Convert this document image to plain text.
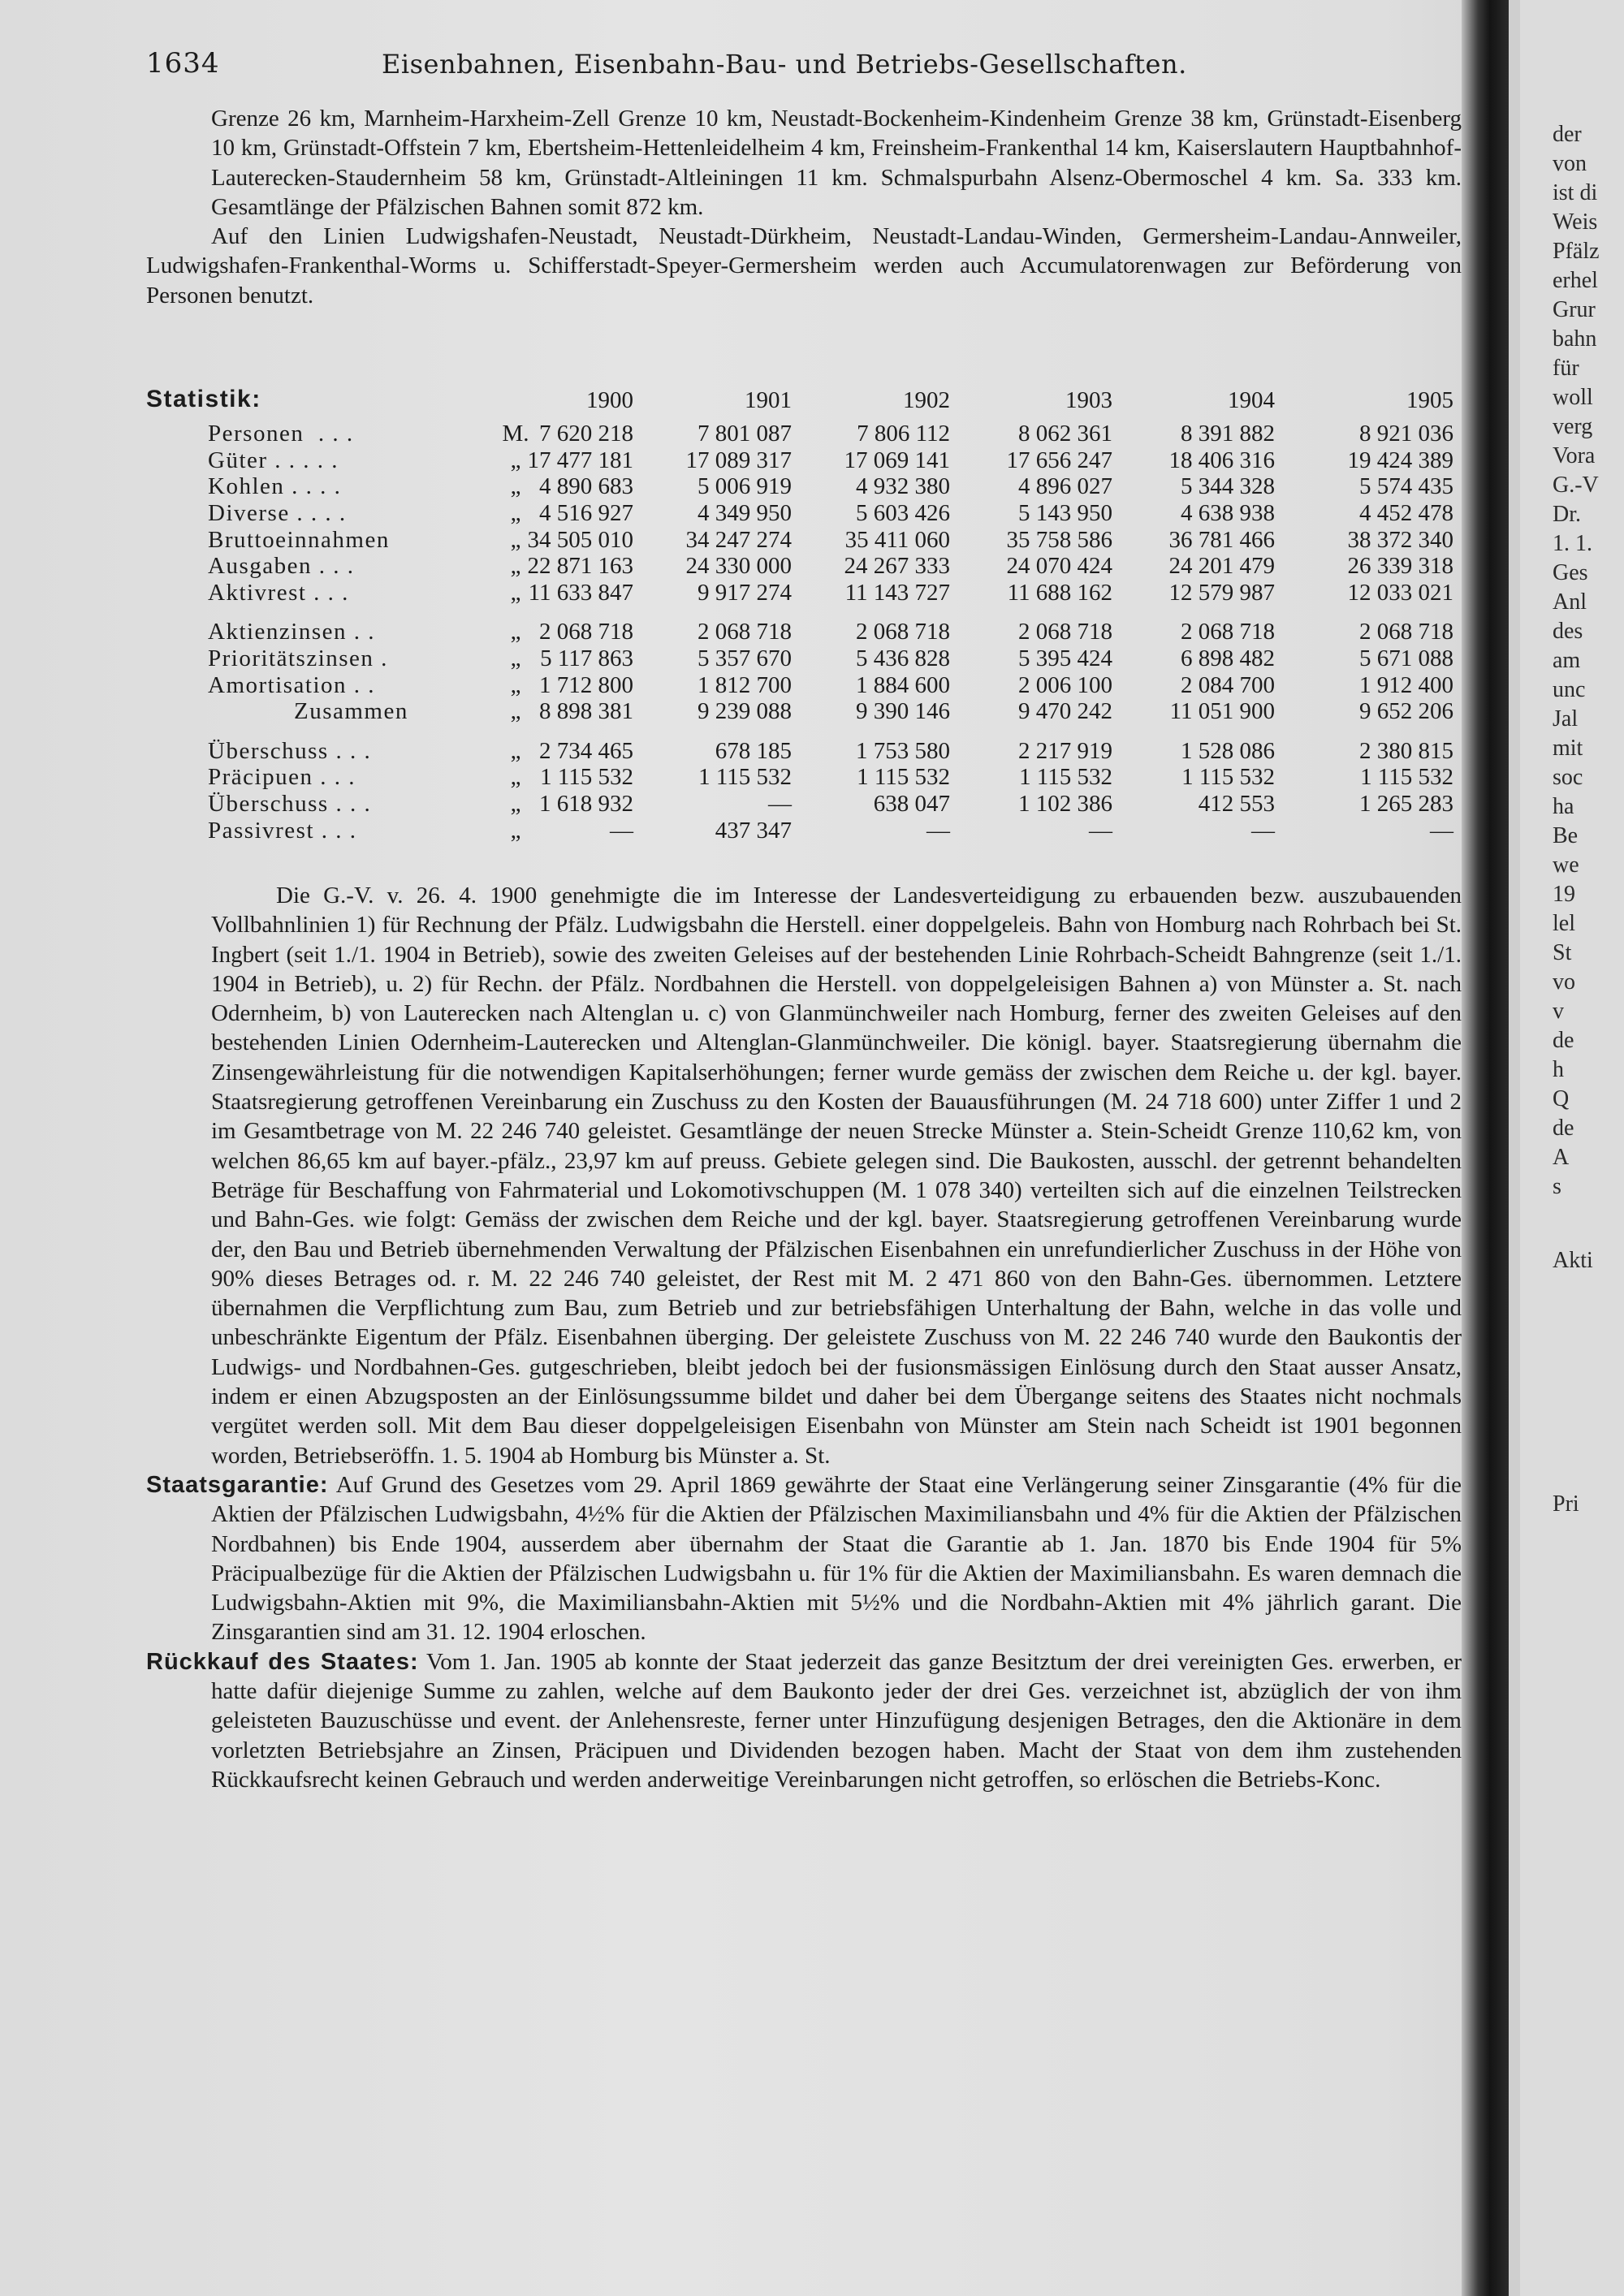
1634	Eisenbahnen, Eisenbahn-Bau- und Betriebs-Gesellschaften.

Grenze 26 km, Marnheim-Harxheim-Zell Grenze 10 km, Neustadt-Bockenheim-Kindenheim Grenze 38 km, Grünstadt-Eisenberg 10 km, Grünstadt-Offstein 7 km, Ebertsheim-Hettenleidelheim 4 km, Freinsheim-Frankenthal 14 km, Kaiserslautern Hauptbahnhof-Lauterecken-Staudernheim 58 km, Grünstadt-Altleiningen 11 km. Schmalspurbahn Alsenz-Obermoschel 4 km. Sa. 333 km. Gesamtlänge der Pfälzischen Bahnen somit 872 km.

Auf den Linien Ludwigshafen-Neustadt, Neustadt-Dürkheim, Neustadt-Landau-Winden, Germersheim-Landau-Annweiler, Ludwigshafen-Frankenthal-Worms u. Schifferstadt-Speyer-Germersheim werden auch Accumulatorenwagen zur Beförderung von Personen benutzt.

Statistik:	1900	1901	1902	1903	1904	1905
Personen  . . .	M. 7 620 218	7 801 087	7 806 112	8 062 361	8 391 882	8 921 036
Güter . . . . .	„ 17 477 181	17 089 317	17 069 141	17 656 247	18 406 316	19 424 389
Kohlen . . . .	„ 4 890 683	5 006 919	4 932 380	4 896 027	5 344 328	5 574 435
Diverse . . . .	„ 4 516 927	4 349 950	5 603 426	5 143 950	4 638 938	4 452 478
Bruttoeinnahmen	„ 34 505 010	34 247 274	35 411 060	35 758 586	36 781 466	38 372 340
Ausgaben . . .	„ 22 871 163	24 330 000	24 267 333	24 070 424	24 201 479	26 339 318
Aktivrest . . .	„ 11 633 847	9 917 274	11 143 727	11 688 162	12 579 987	12 033 021
Aktienzinsen . .	„ 2 068 718	2 068 718	2 068 718	2 068 718	2 068 718	2 068 718
Prioritätszinsen .	„ 5 117 863	5 357 670	5 436 828	5 395 424	6 898 482	5 671 088
Amortisation . .	„ 1 712 800	1 812 700	1 884 600	2 006 100	2 084 700	1 912 400
Zusammen	„ 8 898 381	9 239 088	9 390 146	9 470 242	11 051 900	9 652 206
Überschuss . . .	„ 2 734 465	678 185	1 753 580	2 217 919	1 528 086	2 380 815
Präcipuen . . .	„ 1 115 532	1 115 532	1 115 532	1 115 532	1 115 532	1 115 532
Überschuss . . .	„ 1 618 932	—	638 047	1 102 386	412 553	1 265 283
Passivrest . . .	„	—	437 347	—	—	—	—

Die G.-V. v. 26. 4. 1900 genehmigte die im Interesse der Landesverteidigung zu erbauenden bezw. auszubauenden Vollbahnlinien 1) für Rechnung der Pfälz. Ludwigsbahn die Herstell. einer doppelgeleis. Bahn von Homburg nach Rohrbach bei St. Ingbert (seit 1./1. 1904 in Betrieb), sowie des zweiten Geleises auf der bestehenden Linie Rohrbach-Scheidt Bahngrenze (seit 1./1. 1904 in Betrieb), u. 2) für Rechn. der Pfälz. Nordbahnen die Herstell. von doppelgeleisigen Bahnen a) von Münster a. St. nach Odernheim, b) von Lauterecken nach Altenglan u. c) von Glanmünchweiler nach Homburg, ferner des zweiten Geleises auf den bestehenden Linien Odernheim-Lauterecken und Altenglan-Glanmünchweiler. Die königl. bayer. Staatsregierung übernahm die Zinsengewährleistung für die notwendigen Kapitalserhöhungen; ferner wurde gemäss der zwischen dem Reiche u. der kgl. bayer. Staatsregierung getroffenen Vereinbarung ein Zuschuss zu den Kosten der Bauausführungen (M. 24 718 600) unter Ziffer 1 und 2 im Gesamtbetrage von M. 22 246 740 geleistet. Gesamtlänge der neuen Strecke Münster a. Stein-Scheidt Grenze 110,62 km, von welchen 86,65 km auf bayer.-pfälz., 23,97 km auf preuss. Gebiete gelegen sind. Die Baukosten, ausschl. der getrennt behandelten Beträge für Beschaffung von Fahrmaterial und Lokomotivschuppen (M. 1 078 340) verteilten sich auf die einzelnen Teilstrecken und Bahn-Ges. wie folgt: Gemäss der zwischen dem Reiche und der kgl. bayer. Staatsregierung getroffenen Vereinbarung wurde der, den Bau und Betrieb übernehmenden Verwaltung der Pfälzischen Eisenbahnen ein unrefundierlicher Zuschuss in der Höhe von 90% dieses Betrages od. r. M. 22 246 740 geleistet, der Rest mit M. 2 471 860 von den Bahn-Ges. übernommen. Letztere übernahmen die Verpflichtung zum Bau, zum Betrieb und zur betriebsfähigen Unterhaltung der Bahn, welche in das volle und unbeschränkte Eigentum der Pfälz. Eisenbahnen überging. Der geleistete Zuschuss von M. 22 246 740 wurde den Baukontis der Ludwigs- und Nordbahnen-Ges. gutgeschrieben, bleibt jedoch bei der fusionsmässigen Einlösung durch den Staat ausser Ansatz, indem er einen Abzugsposten an der Einlösungssumme bildet und daher bei dem Übergange seitens des Staates nicht nochmals vergütet werden soll. Mit dem Bau dieser doppelgeleisigen Eisenbahn von Münster am Stein nach Scheidt ist 1901 begonnen worden, Betriebseröffn. 1. 5. 1904 ab Homburg bis Münster a. St.

Staatsgarantie: Auf Grund des Gesetzes vom 29. April 1869 gewährte der Staat eine Verlängerung seiner Zinsgarantie (4% für die Aktien der Pfälzischen Ludwigsbahn, 4½% für die Aktien der Pfälzischen Maximiliansbahn und 4% für die Aktien der Pfälzischen Nordbahnen) bis Ende 1904, ausserdem aber übernahm der Staat die Garantie ab 1. Jan. 1870 bis Ende 1904 für 5% Präcipualbezüge für die Aktien der Pfälzischen Ludwigsbahn u. für 1% für die Aktien der Maximiliansbahn. Es waren demnach die Ludwigsbahn-Aktien mit 9%, die Maximiliansbahn-Aktien mit 5½% und die Nordbahn-Aktien mit 4% jährlich garant. Die Zinsgarantien sind am 31. 12. 1904 erloschen.

Rückkauf des Staates: Vom 1. Jan. 1905 ab konnte der Staat jederzeit das ganze Besitztum der drei vereinigten Ges. erwerben, er hatte dafür diejenige Summe zu zahlen, welche auf dem Baukonto jeder der drei Ges. verzeichnet ist, abzüglich der von ihm geleisteten Bauzuschüsse und event. der Anlehensreste, ferner unter Hinzufügung desjenigen Betrages, den die Aktionäre in dem vorletzten Betriebsjahre an Zinsen, Präcipuen und Dividenden bezogen haben. Macht der Staat von dem ihm zustehenden Rückkaufsrecht keinen Gebrauch und werden anderweitige Vereinbarungen nicht getroffen, so erlöschen die Betriebs-Konc.

der
von
ist di
Weis
Pfälz
erhel
Grur
bahn
für
woll
verg
Vora
G.-V
Dr.
1. 1.
Ges
Anl
des
am
unc
Jal
mit
soc
ha
Be
we
19
lel
St
vo
v
de
h
Q
de
A
s
Akti
Pri
